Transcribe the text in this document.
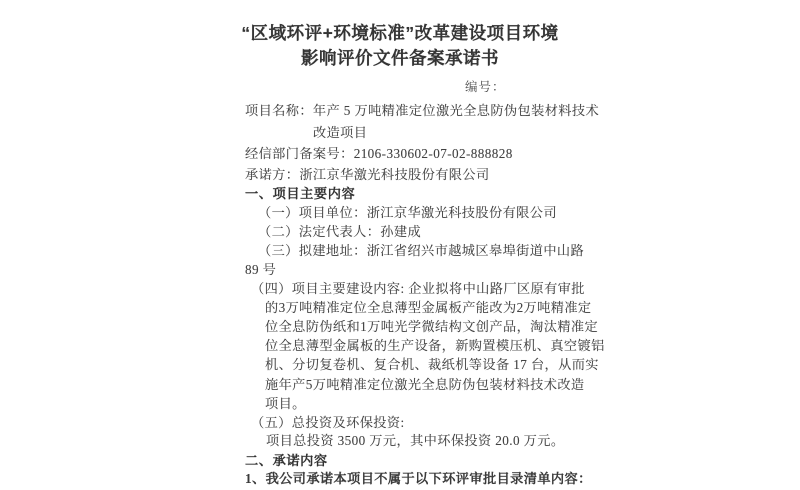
“区域环评+环境标准”改革建设项目环境
影响评价文件备案承诺书
编号：
项目名称：年产 5 万吨精准定位激光全息防伪包装材料技术
改造项目
经信部门备案号：2106-330602-07-02-888828
承诺方：浙江京华激光科技股份有限公司
一、项目主要内容
（一）项目单位：浙江京华激光科技股份有限公司
（二）法定代表人：孙建成
（三）拟建地址：浙江省绍兴市越城区皋埠街道中山路
89 号
（四）项目主要建设内容: 企业拟将中山路厂区原有审批
的3万吨精准定位全息薄型金属板产能改为2万吨精准定
位全息防伪纸和1万吨光学微结构文创产品，淘汰精准定
位全息薄型金属板的生产设备，新购置模压机、真空镀铝
机、分切复卷机、复合机、裁纸机等设备 17 台，从而实
施年产5万吨精准定位激光全息防伪包装材料技术改造
项目。
（五）总投资及环保投资:
项目总投资 3500 万元，其中环保投资 20.0 万元。
二、承诺内容
1、我公司承诺本项目不属于以下环评审批目录清单内容：
